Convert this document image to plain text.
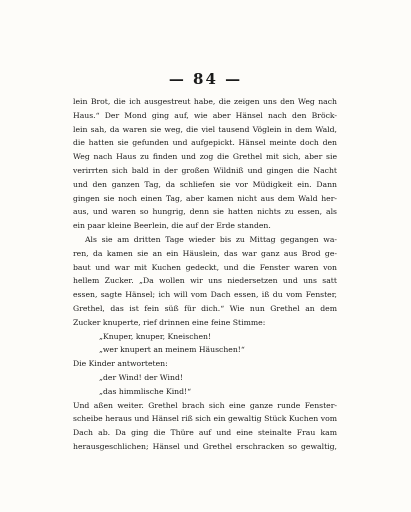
— 84 —
lein Brot, die ich ausgestreut habe, die zeigen uns den Weg nach
Haus.“ Der Mond ging auf, wie aber Hänsel nach den Bröck-
lein sah, da waren sie weg, die viel tausend Vöglein in dem Wald,
die hatten sie gefunden und aufgepickt. Hänsel meinte doch den
Weg nach Haus zu finden und zog die Grethel mit sich, aber sie
verirrten sich bald in der großen Wildniß und gingen die Nacht
und den ganzen Tag, da schliefen sie vor Müdigkeit ein. Dann
gingen sie noch einen Tag, aber kamen nicht aus dem Wald her-
aus, und waren so hungrig, denn sie hatten nichts zu essen, als
ein paar kleine Beerlein, die auf der Erde standen.
Als sie am dritten Tage wieder bis zu Mittag gegangen wa-
ren, da kamen sie an ein Häuslein, das war ganz aus Brod ge-
baut und war mit Kuchen gedeckt, und die Fenster waren von
hellem Zucker. „Da wollen wir uns niedersetzen und uns satt
essen, sagte Hänsel; ich will vom Dach essen, iß du vom Fenster,
Grethel, das ist fein süß für dich.“ Wie nun Grethel an dem
Zucker knuperte, rief drinnen eine feine Stimme:
„Knuper, knuper, Kneischen!
„wer knupert an meinem Häuschen!“
Die Kinder antworteten:
„der Wind! der Wind!
„das himmlische Kind!“
Und aßen weiter. Grethel brach sich eine ganze runde Fenster-
scheibe heraus und Hänsel riß sich ein gewaltig Stück Kuchen vom
Dach ab. Da ging die Thüre auf und eine steinalte Frau kam
herausgeschlichen; Hänsel und Grethel erschracken so gewaltig,
